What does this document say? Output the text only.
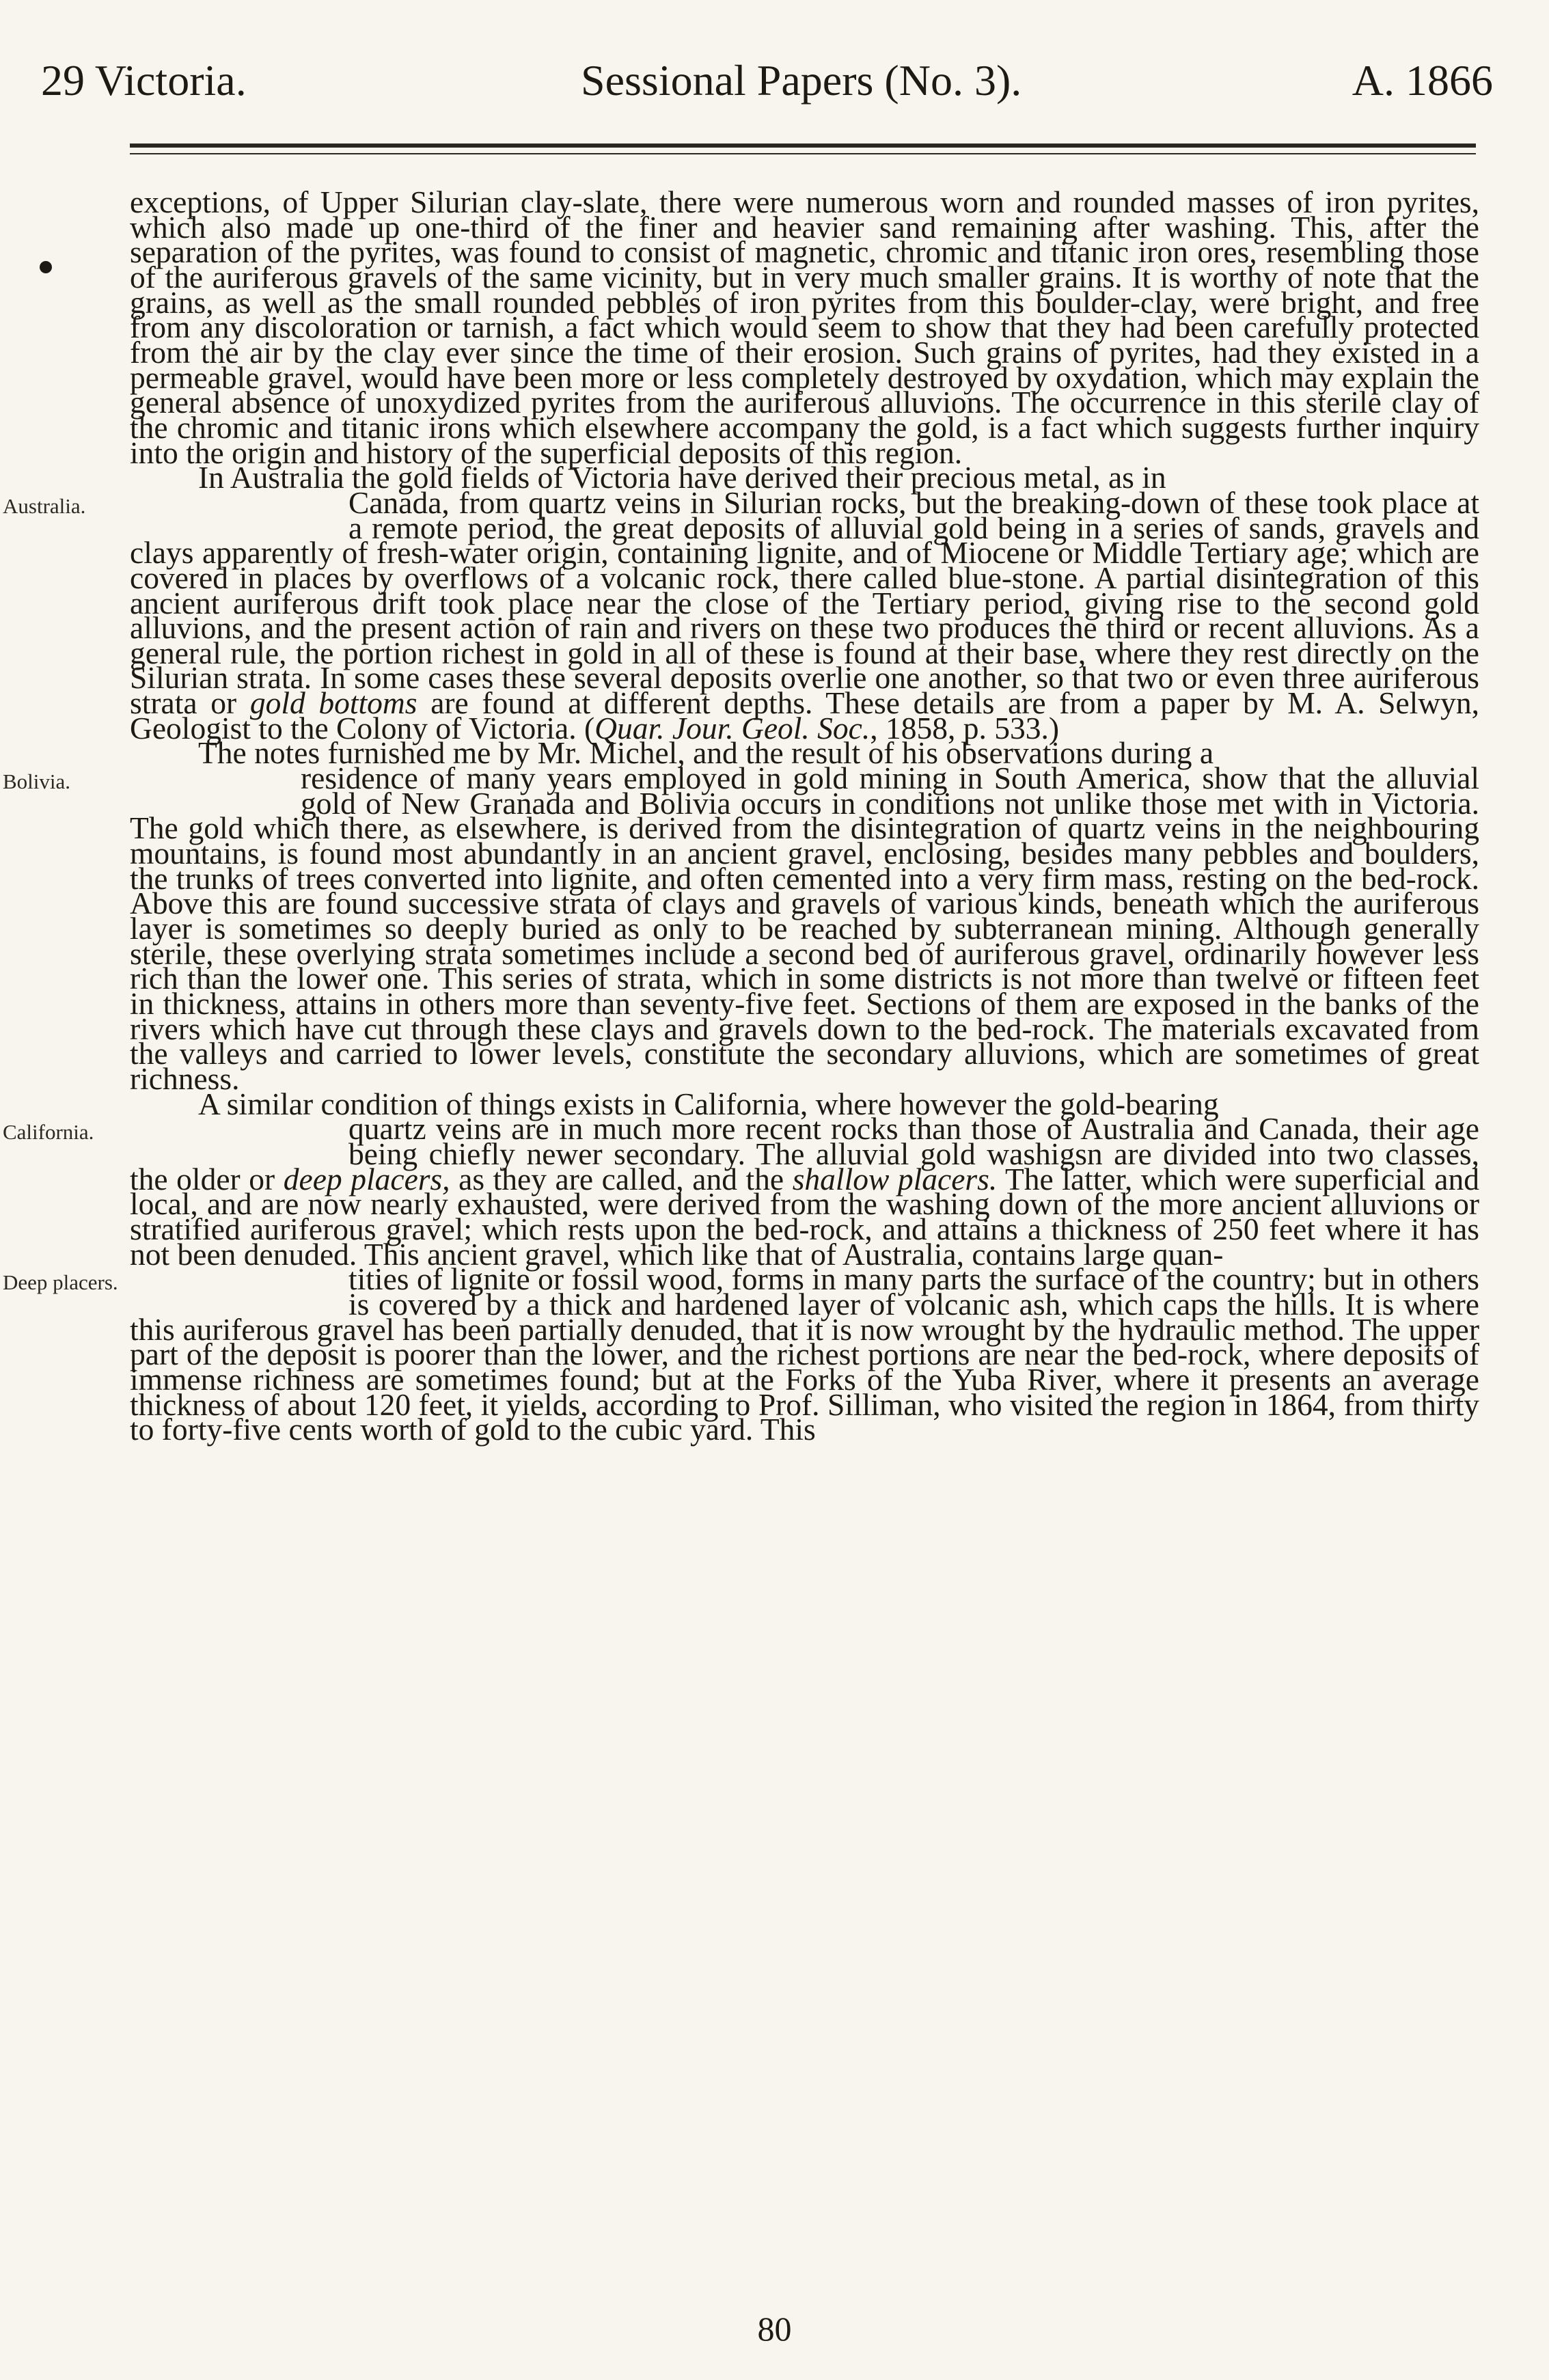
29 Victoria.	Sessional Papers (No. 3).	A. 1866

exceptions, of Upper Silurian clay-slate, there were numerous worn and rounded masses of iron pyrites, which also made up one-third of the finer and heavier sand remaining after washing. This, after the separation of the pyrites, was found to consist of magnetic, chromic and titanic iron ores, resembling those of the auriferous gravels of the same vicinity, but in very much smaller grains. It is worthy of note that the grains, as well as the small rounded pebbles of iron pyrites from this boulder-clay, were bright, and free from any discoloration or tarnish, a fact which would seem to show that they had been carefully protected from the air by the clay ever since the time of their erosion. Such grains of pyrites, had they existed in a permeable gravel, would have been more or less completely destroyed by oxydation, which may explain the general absence of unoxydized pyrites from the auriferous alluvions. The occurrence in this sterile clay of the chromic and titanic irons which elsewhere accompany the gold, is a fact which suggests further inquiry into the origin and history of the superficial deposits of this region.

In Australia the gold fields of Victoria have derived their precious metal, as in

Australia.	Canada, from quartz veins in Silurian rocks, but the breaking-down of these took place at a remote period, the great deposits of alluvial gold being in a series of sands, gravels and clays apparently of fresh-water origin, containing lignite, and of Miocene or Middle Tertiary age; which are covered in places by overflows of a volcanic rock, there called blue-stone. A partial disintegration of this ancient auriferous drift took place near the close of the Tertiary period, giving rise to the second gold alluvions, and the present action of rain and rivers on these two produces the third or recent alluvions. As a general rule, the portion richest in gold in all of these is found at their base, where they rest directly on the Silurian strata. In some cases these several deposits overlie one another, so that two or even three auriferous strata or gold bottoms are found at different depths. These details are from a paper by M. A. Selwyn, Geologist to the Colony of Victoria. (Quar. Jour. Geol. Soc., 1858, p. 533.)

The notes furnished me by Mr. Michel, and the result of his observations during a

Bolivia.	residence of many years employed in gold mining in South America, show that the alluvial gold of New Granada and Bolivia occurs in conditions not unlike those met with in Victoria. The gold which there, as elsewhere, is derived from the disintegration of quartz veins in the neighbouring mountains, is found most abundantly in an ancient gravel, enclosing, besides many pebbles and boulders, the trunks of trees converted into lignite, and often cemented into a very firm mass, resting on the bed-rock. Above this are found successive strata of clays and gravels of various kinds, beneath which the auriferous layer is sometimes so deeply buried as only to be reached by subterranean mining. Although generally sterile, these overlying strata sometimes include a second bed of auriferous gravel, ordinarily however less rich than the lower one. This series of strata, which in some districts is not more than twelve or fifteen feet in thickness, attains in others more than seventy-five feet. Sections of them are exposed in the banks of the rivers which have cut through these clays and gravels down to the bed-rock. The materials excavated from the valleys and carried to lower levels, constitute the secondary alluvions, which are sometimes of great richness.

A similar condition of things exists in California, where however the gold-bearing

California.	quartz veins are in much more recent rocks than those of Australia and Canada, their age being chiefly newer secondary. The alluvial gold washigsn are divided into two classes, the older or deep placers, as they are called, and the shallow placers. The latter, which were superficial and local, and are now nearly exhausted, were derived from the washing down of the more ancient alluvions or stratified auriferous gravel; which rests upon the bed-rock, and attains a thickness of 250 feet where it has not been denuded. This ancient gravel, which like that of Australia, contains large quan-

Deep placers.	tities of lignite or fossil wood, forms in many parts the surface of the country; but in others is covered by a thick and hardened layer of volcanic ash, which caps the hills. It is where this auriferous gravel has been partially denuded, that it is now wrought by the hydraulic method. The upper part of the deposit is poorer than the lower, and the richest portions are near the bed-rock, where deposits of immense richness are sometimes found; but at the Forks of the Yuba River, where it presents an average thickness of about 120 feet, it yields, according to Prof. Silliman, who visited the region in 1864, from thirty to forty-five cents worth of gold to the cubic yard. This

80
